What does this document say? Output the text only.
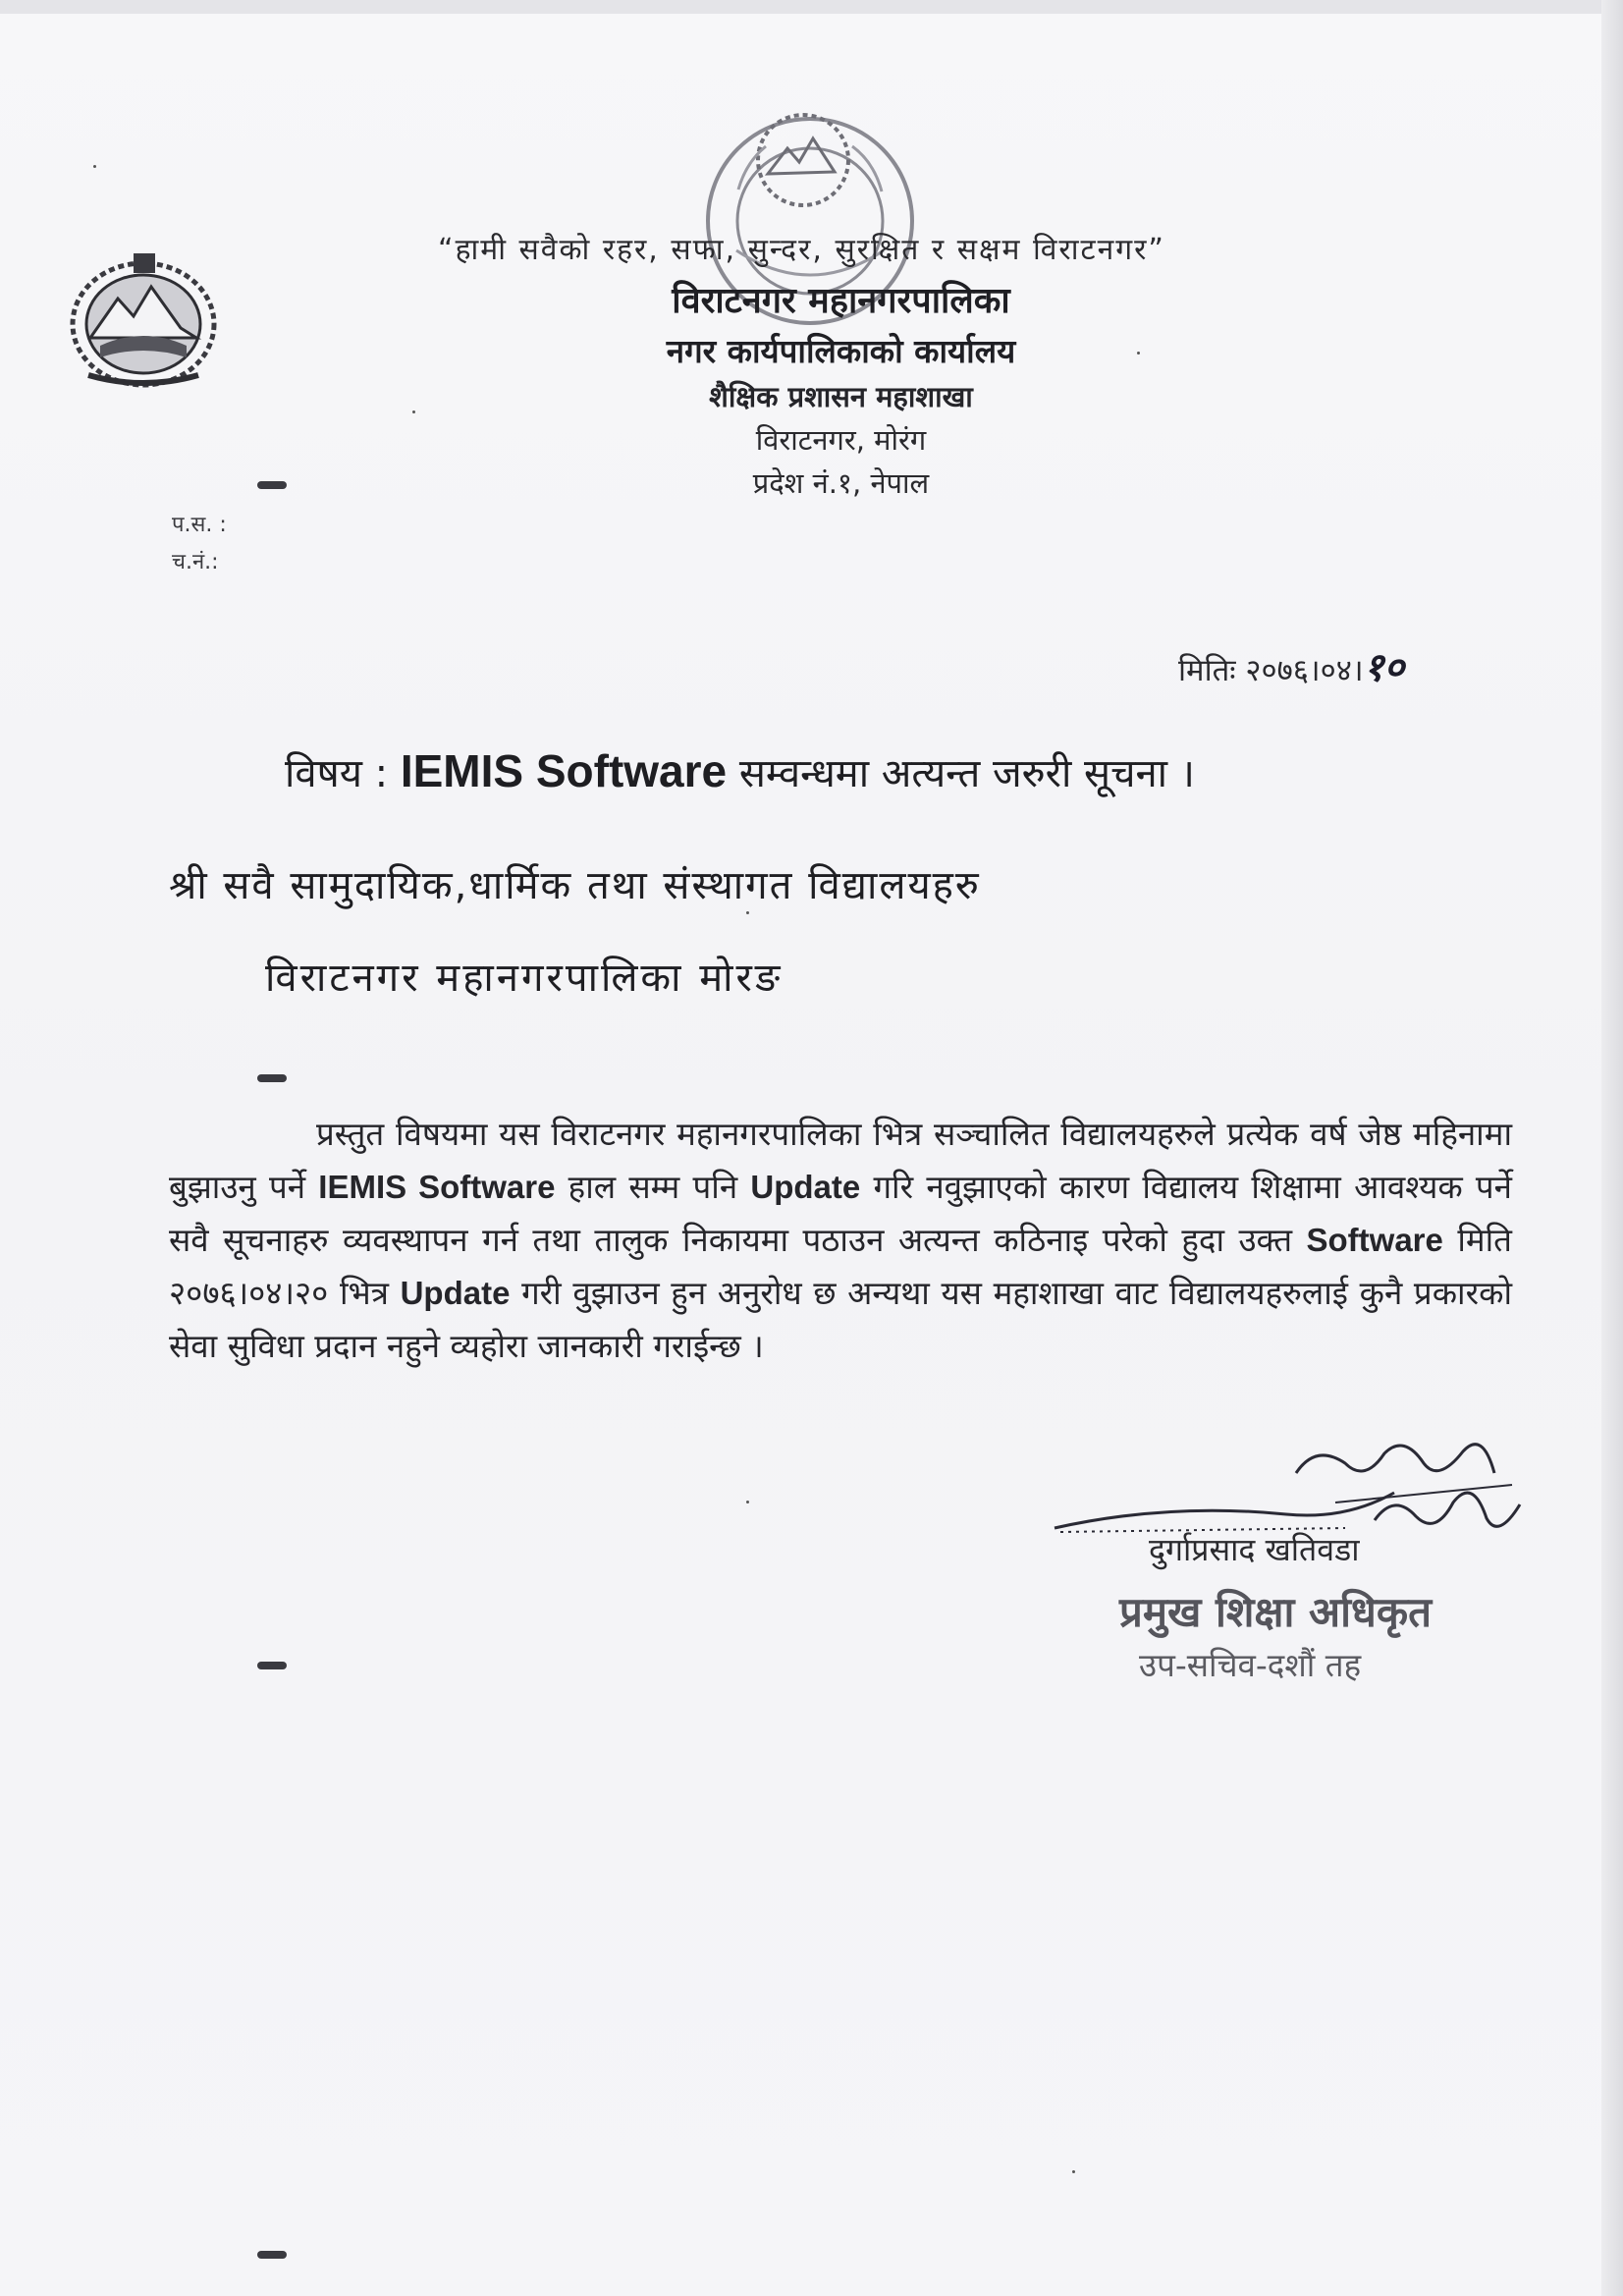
“हामी सवैको रहर, सफा, सुन्दर, सुरक्षित र सक्षम विराटनगर”
विराटनगर महानगरपालिका
नगर कार्यपालिकाको कार्यालय
शैक्षिक प्रशासन महाशाखा
विराटनगर, मोरंग
प्रदेश नं.१, नेपाल
प.स. :
च.नं.:
मितिः २०७६।०४।१०
विषय : IEMIS Software सम्वन्धमा अत्यन्त जरुरी सूचना ।
श्री सवै सामुदायिक,धार्मिक तथा संस्थागत विद्यालयहरु
विराटनगर महानगरपालिका मोरङ
प्रस्तुत विषयमा यस विराटनगर महानगरपालिका भित्र सञ्चालित विद्यालयहरुले प्रत्येक वर्ष जेष्ठ महिनामा बुझाउनु पर्ने IEMIS Software हाल सम्म पनि Update गरि नवुझाएको कारण विद्यालय शिक्षामा आवश्यक पर्ने सवै सूचनाहरु व्यवस्थापन गर्न तथा तालुक निकायमा पठाउन अत्यन्त कठिनाइ परेको हुदा उक्त Software मिति २०७६।०४।२० भित्र Update गरी वुझाउन हुन अनुरोध छ अन्यथा यस महाशाखा वाट विद्यालयहरुलाई कुनै प्रकारको सेवा सुविधा प्रदान नहुने व्यहोरा जानकारी गराईन्छ ।
दुर्गाप्रसाद खतिवडा
प्रमुख शिक्षा अधिकृत
उप-सचिव-दशौं तह
